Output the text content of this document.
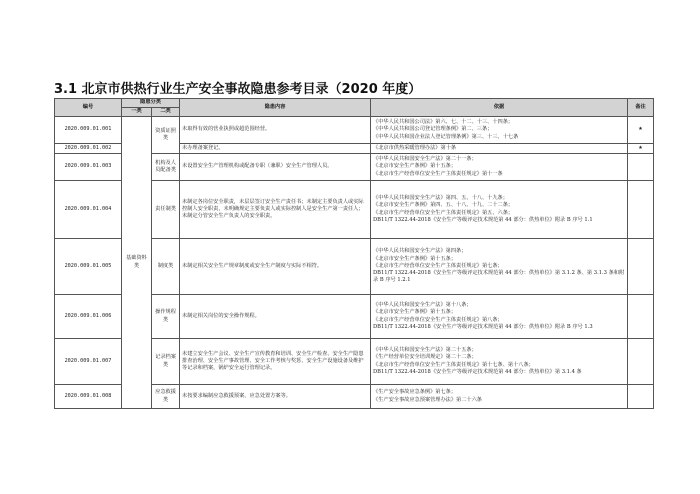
3.1 北京市供热行业生产安全事故隐患参考目录（2020 年度）
编号	隐患分类		隐患内容	依据	备注
	一类	二类			
2020.009.01.001	基础资料类	资质证照类	未取得有效的营业执照或超范围经营。	《中华人民共和国公司法》第六、七、十二、十三、十四条；
《中华人民共和国公司登记管理条例》第二、三条；
《中华人民共和国企业法人登记管理条例》第三、十三、十七条	★
2020.009.01.002			未办理备案登记。	《北京市供热采暖管理办法》第十条	★
2020.009.01.003		机构及人员配备类	未设置安全生产管理机构或配备专职（兼职）安全生产管理人员。	《中华人民共和国安全生产法》第二十一条；
《北京市安全生产条例》第十五条；
《北京市生产经营单位安全生产主体责任规定》第十一条	

2020.009.01.004		责任制类	未制定各岗位安全职责，未层层签订安全生产责任书；未制定主要负责人或实际控制人安全职责，未明确规定主要负责人或实际控制人是安全生产第一责任人；未制定分管安全生产负责人的安全职责。	《中华人民共和国安全生产法》第四、五、十八、十九条；
《北京市安全生产条例》第四、五、十八、十九、二十二条；
《北京市生产经营单位安全生产主体责任规定》第五、六条；
DB11/T 1322.44-2018《安全生产等级评定技术规范第 44 部分：供热单位》附录 B 序号 1.1	

2020.009.01.005		制度类	未制定相关安全生产规章制度或安全生产制度与实际不相符。	《中华人民共和国安全生产法》第四条；
《北京市安全生产条例》第十五条；
《北京市生产经营单位安全生产主体责任规定》第七条；
DB11/T 1322.44-2018《安全生产等级评定技术规范第 44 部分：供热单位》第 3.1.2 条、第 3.1.3 条和附录 B 序号 1.2.1	

2020.009.01.006		操作规程类	未制定相关岗位的安全操作规程。	《中华人民共和国安全生产法》第十八条；
《北京市安全生产条例》第十五条；
《北京市生产经营单位安全生产主体责任规定》第八条；
DB11/T 1322.44-2018《安全生产等级评定技术规范第 44 部分：供热单位》附录 B 序号 1.3	

2020.009.01.007		记录档案类	未建立安全生产会议、安全生产宣传教育和培训、安全生产检查、安全生产隐患排查治理、安全生产事故管理、安全工作考核与奖惩、安全生产设施设备及维护等记录和档案，锅炉安全运行管理记录。	《中华人民共和国安全生产法》第二十五条；
《生产经营单位安全培训规定》第二十二条；
《北京市生产经营单位安全生产主体责任规定》第十七条、第十八条；
DB11/T 1322.44-2018《安全生产等级评定技术规范第 44 部分：供热单位》第 3.1.4 条	

2020.009.01.008		应急救援类	未按要求编制应急救援预案、应急处置方案等。	《生产安全事故应急条例》第七条；
《生产安全事故应急预案管理办法》第二十六条	
